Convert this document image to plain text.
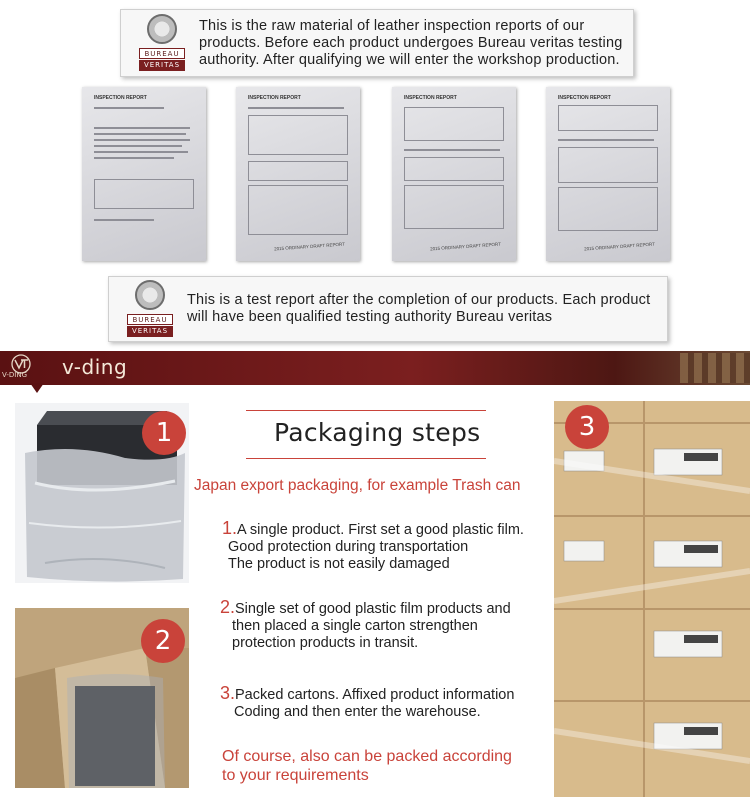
BUREAU
VERITAS
This is the raw material of leather inspection reports of our products. Before each product undergoes Bureau veritas testing authority. After qualifying we will enter the workshop production.
INSPECTION REPORT	INSPECTION REPORT
2015 ORDINARY DRAFT REPORT
INSPECTION REPORT
2015 ORDINARY DRAFT REPORT
INSPECTION REPORT
2015 ORDINARY DRAFT REPORT
BUREAU
VERITAS
This is a test report after the completion of our products. Each product will have been qualified testing authority Bureau veritas
V-DING v-ding
1
2
3
Packaging steps
Japan export packaging, for example Trash can
1.A single product. First set a good plastic film.
Good protection during transportation
The product is not easily damaged
2.Single set of good plastic film products and
then placed a single carton strengthen
protection products in transit.
3.Packed cartons. Affixed product information
Coding and then enter the warehouse.
Of course, also can be packed according
to your requirements
